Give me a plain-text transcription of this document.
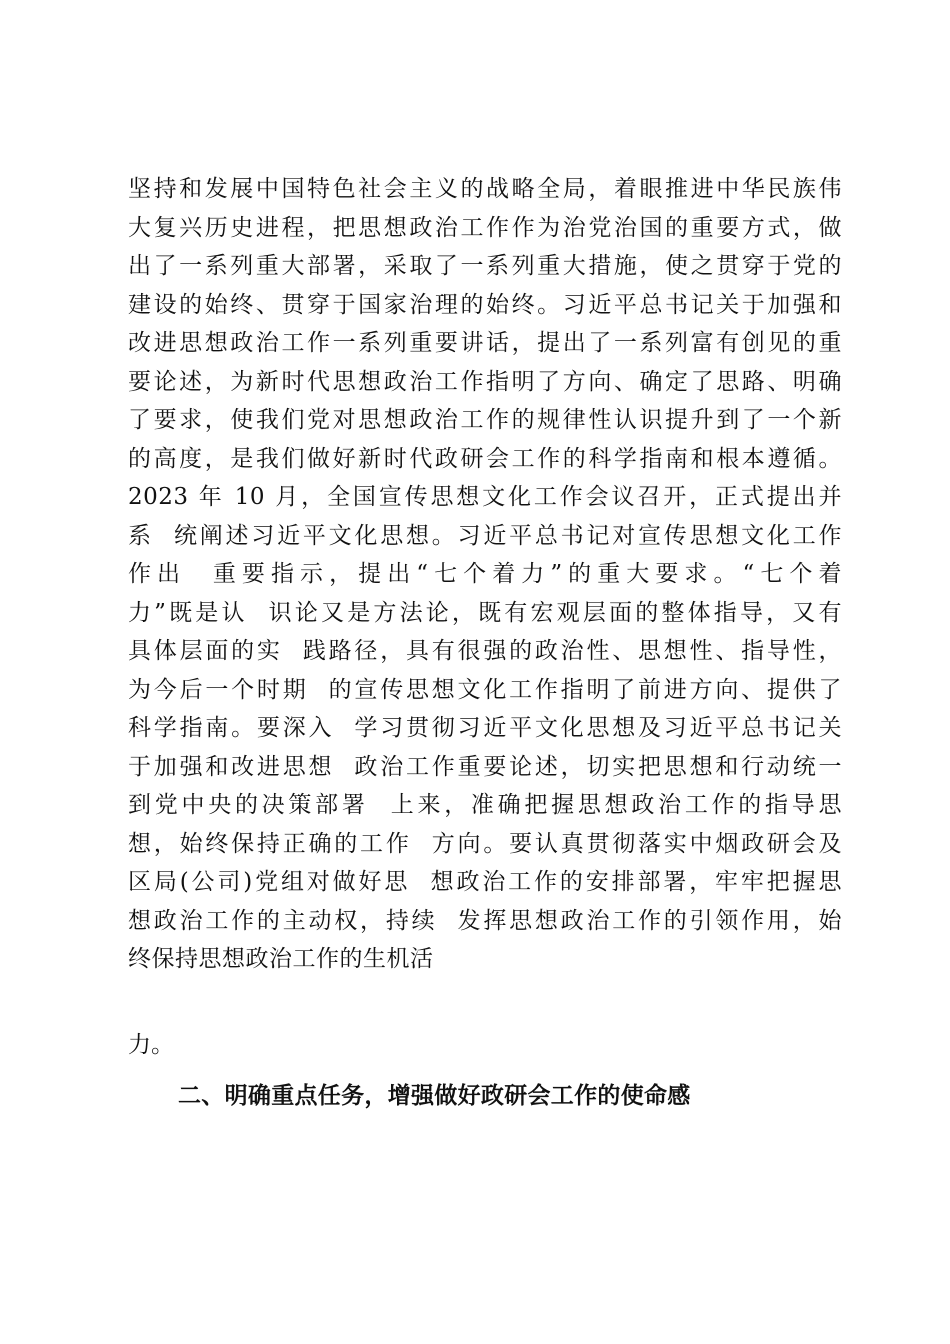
坚持和发展中国特色社会主义的战略全局，着眼推进中华民族伟
大复兴历史进程，把思想政治工作作为治党治国的重要方式，做
出了一系列重大部署，采取了一系列重大措施，使之贯穿于党的
建设的始终、贯穿于国家治理的始终。习近平总书记关于加强和
改进思想政治工作一系列重要讲话，提出了一系列富有创见的重
要论述，为新时代思想政治工作指明了方向、确定了思路、明确
了要求，使我们党对思想政治工作的规律性认识提升到了一个新
的高度，是我们做好新时代政研会工作的科学指南和根本遵循。
2023 年 10 月，全国宣传思想文化工作会议召开，正式提出并
系  统阐述习近平文化思想。习近平总书记对宣传思想文化工作
作出  重要指示，提出“七个着力”的重大要求。“七个着
力”既是认  识论又是方法论，既有宏观层面的整体指导，又有
具体层面的实  践路径，具有很强的政治性、思想性、指导性，
为今后一个时期  的宣传思想文化工作指明了前进方向、提供了
科学指南。要深入  学习贯彻习近平文化思想及习近平总书记关
于加强和改进思想  政治工作重要论述，切实把思想和行动统一
到党中央的决策部署  上来，准确把握思想政治工作的指导思
想，始终保持正确的工作  方向。要认真贯彻落实中烟政研会及
区局(公司)党组对做好思  想政治工作的安排部署，牢牢把握思
想政治工作的主动权，持续  发挥思想政治工作的引领作用，始
终保持思想政治工作的生机活
力。
二、明确重点任务，增强做好政研会工作的使命感
